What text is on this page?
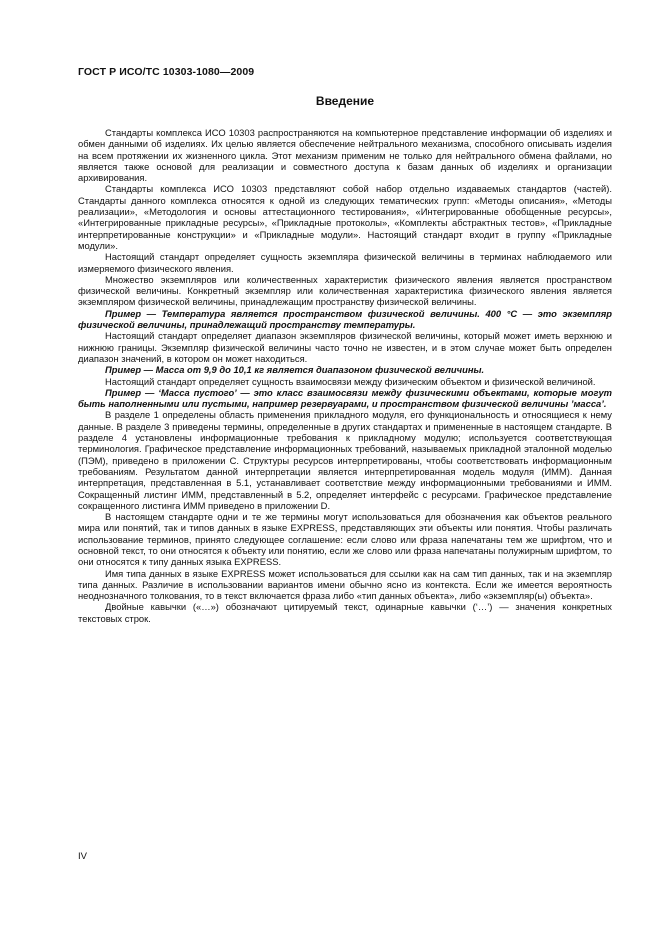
ГОСТ Р ИСО/ТС 10303-1080—2009
Введение

Стандарты комплекса ИСО 10303 распространяются на компьютерное представление информации об изделиях и обмен данными об изделиях. Их целью является обеспечение нейтрального механизма, способного описывать изделия на всем протяжении их жизненного цикла. Этот механизм применим не только для нейтрального обмена файлами, но является также основой для реализации и совместного доступа к базам данных об изделиях и организации архивирования.

Стандарты комплекса ИСО 10303 представляют собой набор отдельно издаваемых стандартов (частей). Стандарты данного комплекса относятся к одной из следующих тематических групп: «Методы описания», «Методы реализации», «Методология и основы аттестационного тестирования», «Интегрированные обобщенные ресурсы», «Интегрированные прикладные ресурсы», «Прикладные протоколы», «Комплекты абстрактных тестов», «Прикладные интерпретированные конструкции» и «Прикладные модули». Настоящий стандарт входит в группу «Прикладные модули».

Настоящий стандарт определяет сущность экземпляра физической величины в терминах наблюдаемого или измеряемого физического явления.

Множество экземпляров или количественных характеристик физического явления является пространством физической величины. Конкретный экземпляр или количественная характеристика физического явления является экземпляром физической величины, принадлежащим пространству физической величины.

Пример — Температура является пространством физической величины. 400 °С — это экземпляр физической величины, принадлежащий пространству температуры.

Настоящий стандарт определяет диапазон экземпляров физической величины, который может иметь верхнюю и нижнюю границы. Экземпляр физической величины часто точно не известен, и в этом случае может быть определен диапазон значений, в котором он может находиться.

Пример — Масса от 9,9 до 10,1 кг является диапазоном физической величины.

Настоящий стандарт определяет сущность взаимосвязи между физическим объектом и физической величиной.

Пример — ‘Масса пустого’ — это класс взаимосвязи между физическими объектами, которые могут быть наполненными или пустыми, например резервуарами, и пространством физической величины ’масса’.

В разделе 1 определены область применения прикладного модуля, его функциональность и относящиеся к нему данные. В разделе 3 приведены термины, определенные в других стандартах и примененные в настоящем стандарте. В разделе 4 установлены информационные требования к прикладному модулю; используется соответствующая терминология. Графическое представление информационных требований, называемых прикладной эталонной моделью (ПЭМ), приведено в приложении С. Структуры ресурсов интерпретированы, чтобы соответствовать информационным требованиям. Результатом данной интерпретации является интерпретированная модель модуля (ИММ). Данная интерпретация, представленная в 5.1, устанавливает соответствие между информационными требованиями и ИММ. Сокращенный листинг ИММ, представленный в 5.2, определяет интерфейс с ресурсами. Графическое представление сокращенного листинга ИММ приведено в приложении D.

В настоящем стандарте одни и те же термины могут использоваться для обозначения как объектов реального мира или понятий, так и типов данных в языке EXPRESS, представляющих эти объекты или понятия. Чтобы различать использование терминов, принято следующее соглашение: если слово или фраза напечатаны тем же шрифтом, что и основной текст, то они относятся к объекту или понятию, если же слово или фраза напечатаны полужирным шрифтом, то они относятся к типу данных языка EXPRESS.

Имя типа данных в языке EXPRESS может использоваться для ссылки как на сам тип данных, так и на экземпляр типа данных. Различие в использовании вариантов имени обычно ясно из контекста. Если же имеется вероятность неоднозначного толкования, то в текст включается фраза либо «тип данных объекта», либо «экземпляр(ы) объекта».

Двойные кавычки («…») обозначают цитируемый текст, одинарные кавычки (‘…’) — значения конкретных текстовых строк.

IV
